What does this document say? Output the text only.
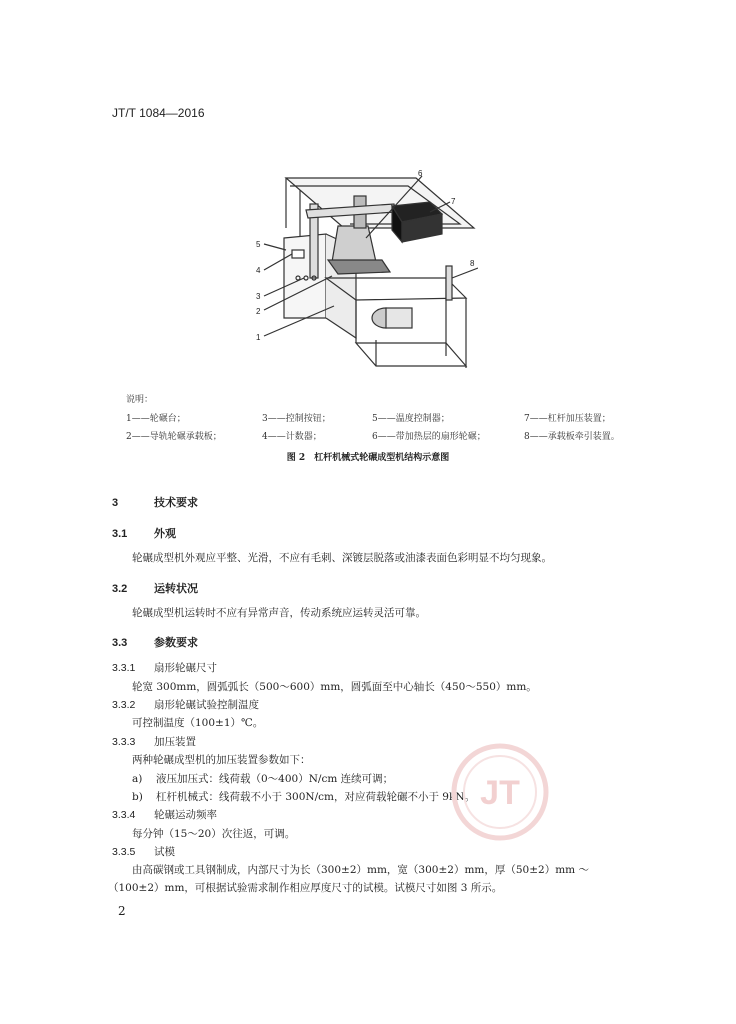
JT/T 1084—2016
1
2
3
4
5
6
7
8
说明：
1——轮碾台；	3——控制按钮；	5——温度控制器；	7——杠杆加压装置；
2——导轨轮碾承载板；	4——计数器；	6——带加热层的扇形轮碾；	8——承载板牵引装置。
图 2　杠杆机械式轮碾成型机结构示意图
3	技术要求
3.1 外观
轮碾成型机外观应平整、光滑，不应有毛刺、深镀层脱落或油漆表面色彩明显不均匀现象。
3.2 运转状况
轮碾成型机运转时不应有异常声音，传动系统应运转灵活可靠。
3.3 参数要求
3.3.1 扇形轮碾尺寸
轮宽 300mm，圆弧弧长（500～600）mm，圆弧面至中心轴长（450～550）mm。
3.3.2 扇形轮碾试验控制温度
可控制温度（100±1）℃。
3.3.3 加压装置
两种轮碾成型机的加压装置参数如下：
a) 液压加压式：线荷载（0～400）N/cm 连续可调；
b) 杠杆机械式：线荷载不小于 300N/cm，对应荷载轮碾不小于 9kN。
3.3.4 轮碾运动频率
每分钟（15～20）次往返，可调。
3.3.5 试模
由高碳钢或工具钢制成，内部尺寸为长（300±2）mm，宽（300±2）mm，厚（50±2）mm ～
（100±2）mm，可根据试验需求制作相应厚度尺寸的试模。试模尺寸如图 3 所示。
JT
2
